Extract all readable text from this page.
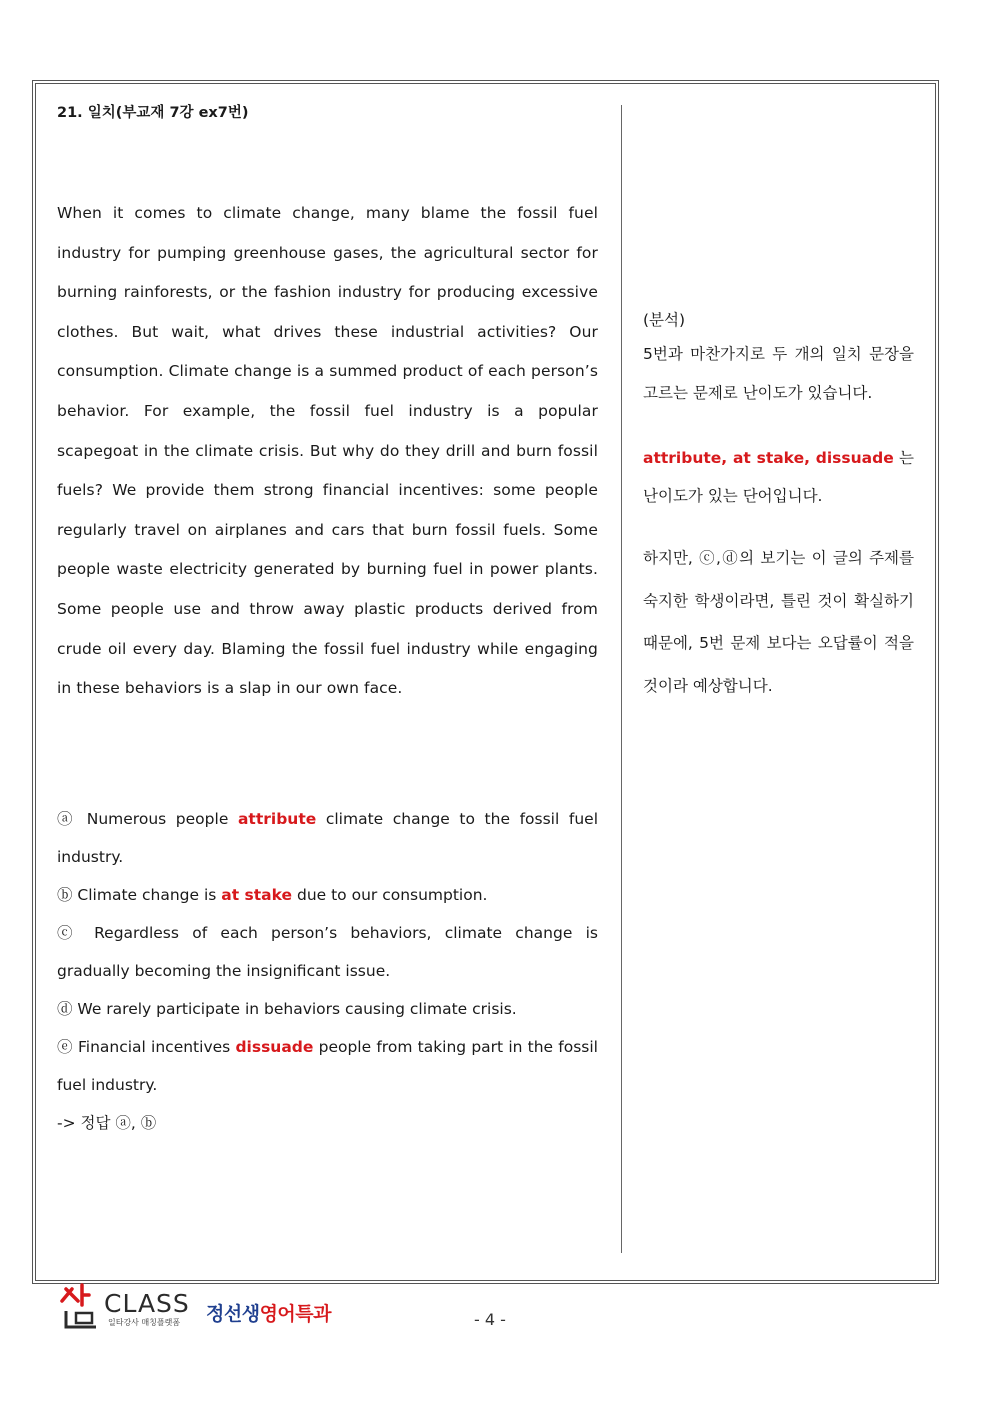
21. 일치(부교재 7강 ex7번)

When it comes to climate change, many blame the fossil fuel industry for pumping greenhouse gases, the agricultural sector for burning rainforests, or the fashion industry for producing excessive clothes. But wait, what drives these industrial activities? Our consumption. Climate change is a summed product of each person’s behavior. For example, the fossil fuel industry is a popular scapegoat in the climate crisis. But why do they drill and burn fossil fuels? We provide them strong financial incentives: some people regularly travel on airplanes and cars that burn fossil fuels. Some people waste electricity generated by burning fuel in power plants. Some people use and throw away plastic products derived from crude oil every day. Blaming the fossil fuel industry while engaging in these behaviors is a slap in our own face.

ⓐ Numerous people attribute climate change to the fossil fuel industry.

ⓑ Climate change is at stake due to our consumption.

ⓒ Regardless of each person’s behaviors, climate change is gradually becoming the insignificant issue.

ⓓ We rarely participate in behaviors causing climate crisis.

ⓔ Financial incentives dissuade people from taking part in the fossil fuel industry.

-> 정답 ⓐ, ⓑ

(분석)

5번과 마찬가지로 두 개의 일치 문장을 고르는 문제로 난이도가 있습니다.

attribute, at stake, dissuade 는 난이도가 있는 단어입니다.

하지만, ⓒ,ⓓ의 보기는 이 글의 주제를 숙지한 학생이라면, 틀린 것이 확실하기 때문에, 5번 문제 보다는 오답률이 적을 것이라 예상합니다.

CLASS
일타강사 매칭플랫폼 정선생영어특과	- 4 -
